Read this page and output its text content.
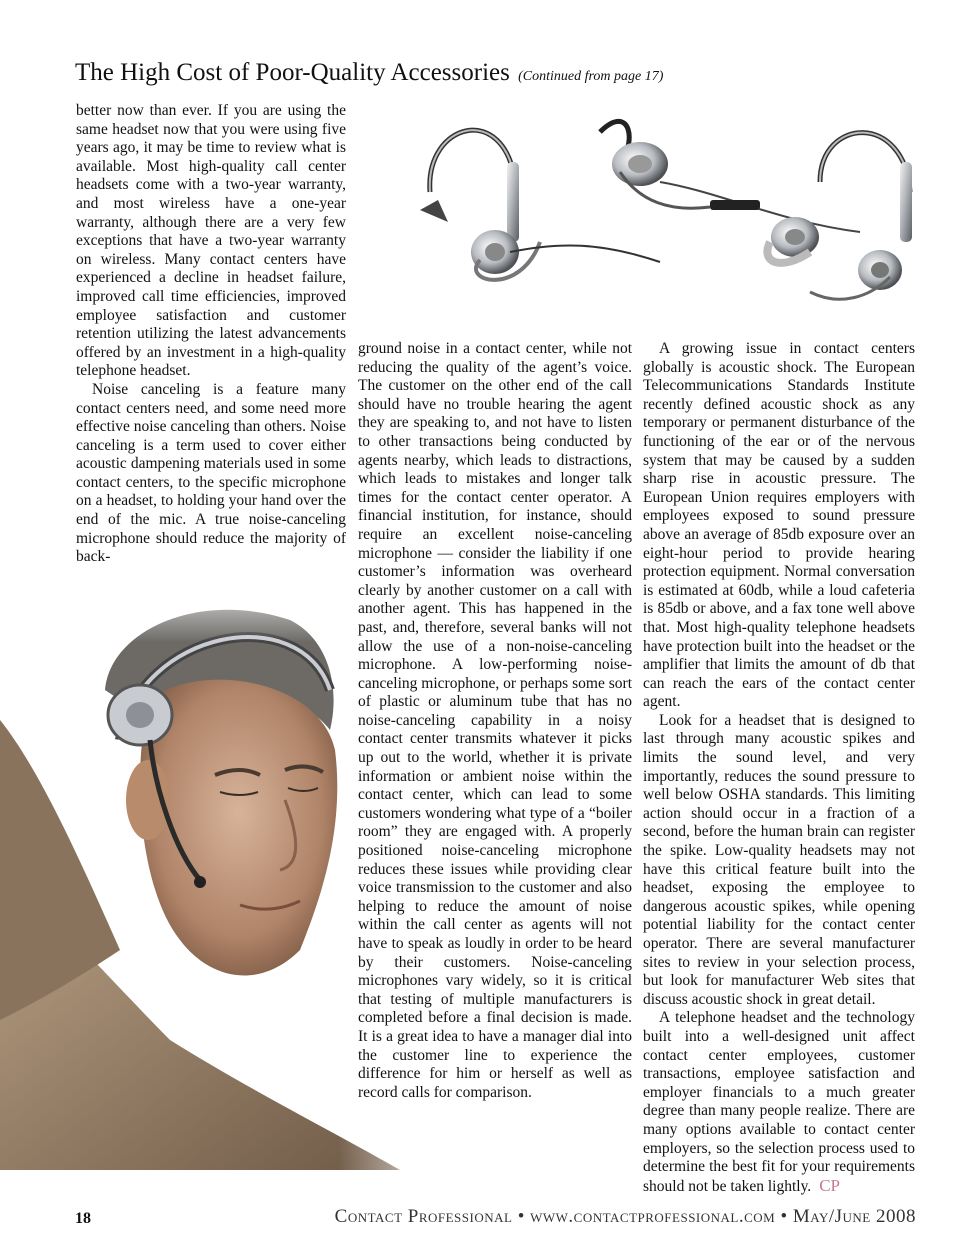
The High Cost of Poor-Quality Accessories (Continued from page 17)

better now than ever. If you are using the same headset now that you were using five years ago, it may be time to review what is available. Most high-quality call center headsets come with a two-year warranty, and most wireless have a one-year warranty, although there are a very few exceptions that have a two-year warranty on wireless. Many contact centers have experienced a decline in headset failure, improved call time efficiencies, improved employee satisfaction and customer retention utilizing the latest advancements offered by an investment in a high-quality telephone headset.

Noise canceling is a feature many contact centers need, and some need more effective noise canceling than others. Noise canceling is a term used to cover either acoustic dampening materials used in some contact centers, to the specific microphone on a headset, to holding your hand over the end of the mic. A true noise-canceling microphone should reduce the majority of back-

ground noise in a contact center, while not reducing the quality of the agent’s voice. The customer on the other end of the call should have no trouble hearing the agent they are speaking to, and not have to listen to other transactions being conducted by agents nearby, which leads to distractions, which leads to mistakes and longer talk times for the contact center operator. A financial institution, for instance, should require an excellent noise-canceling microphone — consider the liability if one customer’s information was overheard clearly by another customer on a call with another agent. This has happened in the past, and, therefore, several banks will not allow the use of a non-noise-canceling microphone. A low-performing noise-canceling microphone, or perhaps some sort of plastic or aluminum tube that has no noise-canceling capability in a noisy contact center transmits whatever it picks up out to the world, whether it is private information or ambient noise within the contact center, which can lead to some customers wondering what type of a “boiler room” they are engaged with. A properly positioned noise-canceling microphone reduces these issues while providing clear voice transmission to the customer and also helping to reduce the amount of noise within the call center as agents will not have to speak as loudly in order to be heard by their customers. Noise-canceling microphones vary widely, so it is critical that testing of multiple manufacturers is completed before a final decision is made. It is a great idea to have a manager dial into the customer line to experience the difference for him or herself as well as record calls for comparison.

A growing issue in contact centers globally is acoustic shock. The European Telecommunications Standards Institute recently defined acoustic shock as any temporary or permanent disturbance of the functioning of the ear or of the nervous system that may be caused by a sudden sharp rise in acoustic pressure. The European Union requires employers with employees exposed to sound pressure above an average of 85db exposure over an eight-hour period to provide hearing protection equipment. Normal conversation is estimated at 60db, while a loud cafeteria is 85db or above, and a fax tone well above that. Most high-quality telephone headsets have protection built into the headset or the amplifier that limits the amount of db that can reach the ears of the contact center agent.

Look for a headset that is designed to last through many acoustic spikes and limits the sound level, and very importantly, reduces the sound pressure to well below OSHA standards. This limiting action should occur in a fraction of a second, before the human brain can register the spike. Low-quality headsets may not have this critical feature built into the headset, exposing the employee to dangerous acoustic spikes, while opening potential liability for the contact center operator. There are several manufacturer sites to review in your selection process, but look for manufacturer Web sites that discuss acoustic shock in great detail.

A telephone headset and the technology built into a well-designed unit affect contact center employees, customer transactions, employee satisfaction and employer financials to a much greater degree than many people realize. There are many options available to contact center employers, so the selection process used to determine the best fit for your requirements should not be taken lightly. CP

18	Contact Professional • www.contactprofessional.com • May/June 2008
